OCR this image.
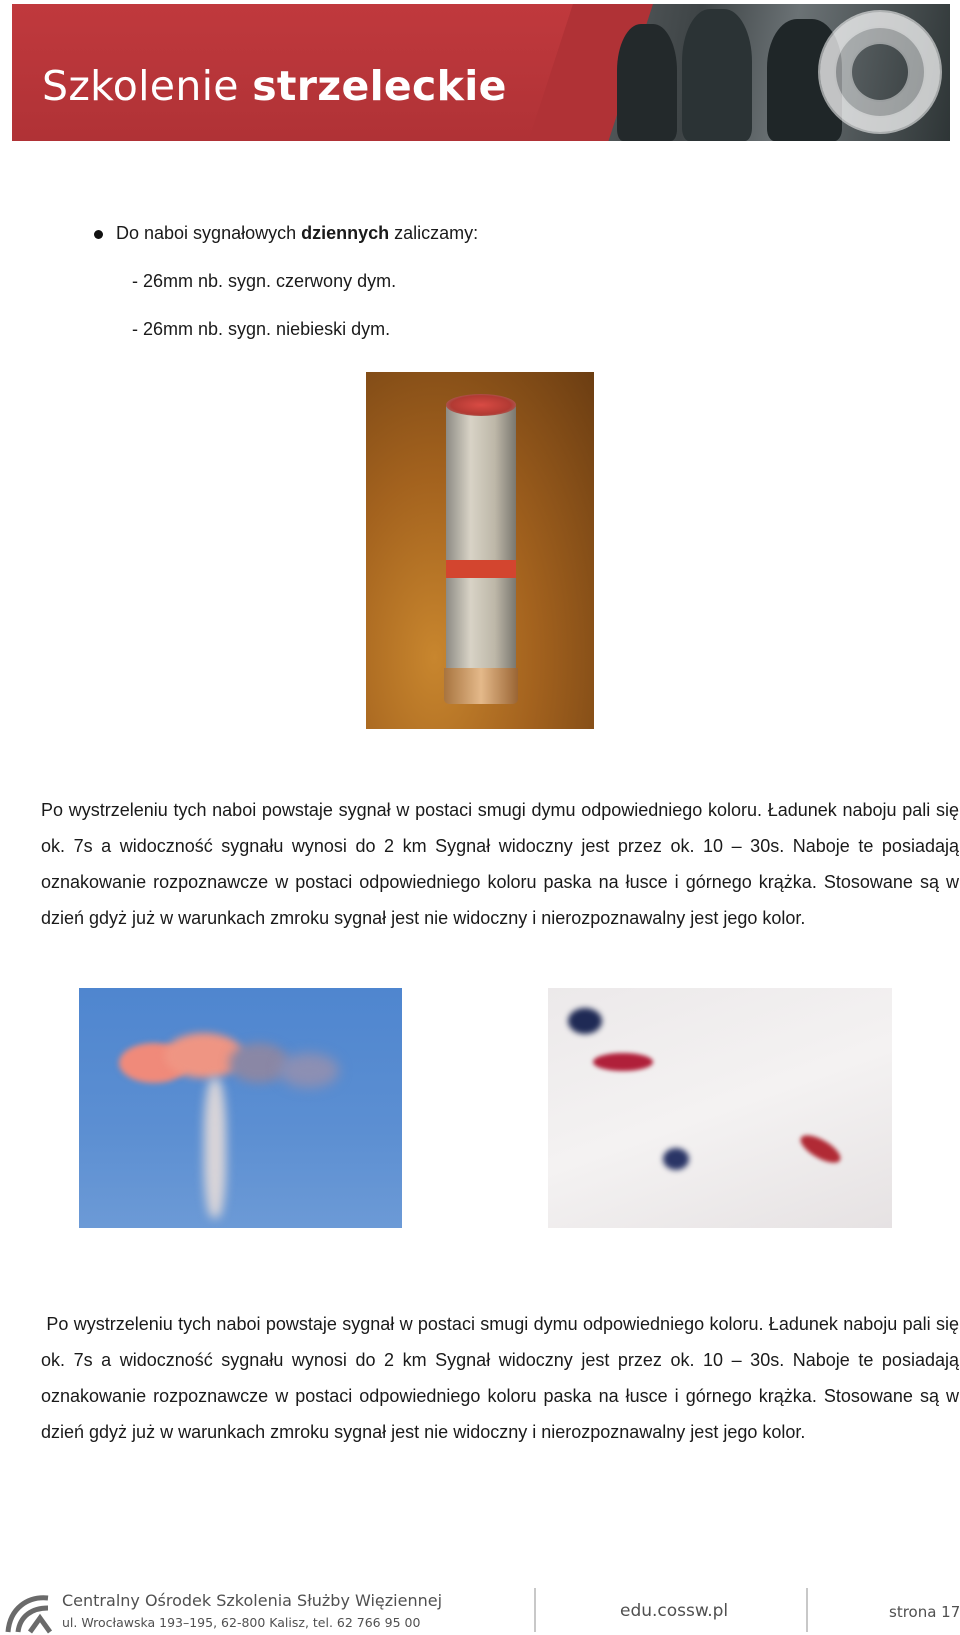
Szkolenie strzeleckie
Do naboi sygnałowych dziennych zaliczamy:
- 26mm nb. sygn. czerwony dym.
- 26mm nb. sygn. niebieski dym.

Po wystrzeleniu tych naboi powstaje sygnał w postaci smugi dymu odpowiedniego koloru. Ładunek naboju pali się ok. 7s a widoczność sygnału wynosi do 2 km Sygnał widoczny jest przez ok. 10 – 30s. Naboje te posiadają oznakowanie rozpoznawcze w postaci odpowiedniego koloru paska na łusce i górnego krążka. Stosowane są w dzień gdyż już w warunkach zmroku sygnał jest nie widoczny i nierozpoznawalny jest jego kolor.

Po wystrzeleniu tych naboi powstaje sygnał w postaci smugi dymu odpowiedniego koloru. Ładunek naboju pali się ok. 7s a widoczność sygnału wynosi do 2 km Sygnał widoczny jest przez ok. 10 – 30s. Naboje te posiadają oznakowanie rozpoznawcze w postaci odpowiedniego koloru paska na łusce i górnego krążka. Stosowane są w dzień gdyż już w warunkach zmroku sygnał jest nie widoczny i nierozpoznawalny jest jego kolor.

Centralny Ośrodek Szkolenia Służby Więziennej
ul. Wrocławska 193–195, 62-800 Kalisz, tel. 62 766 95 00
edu.cossw.pl	strona 17
